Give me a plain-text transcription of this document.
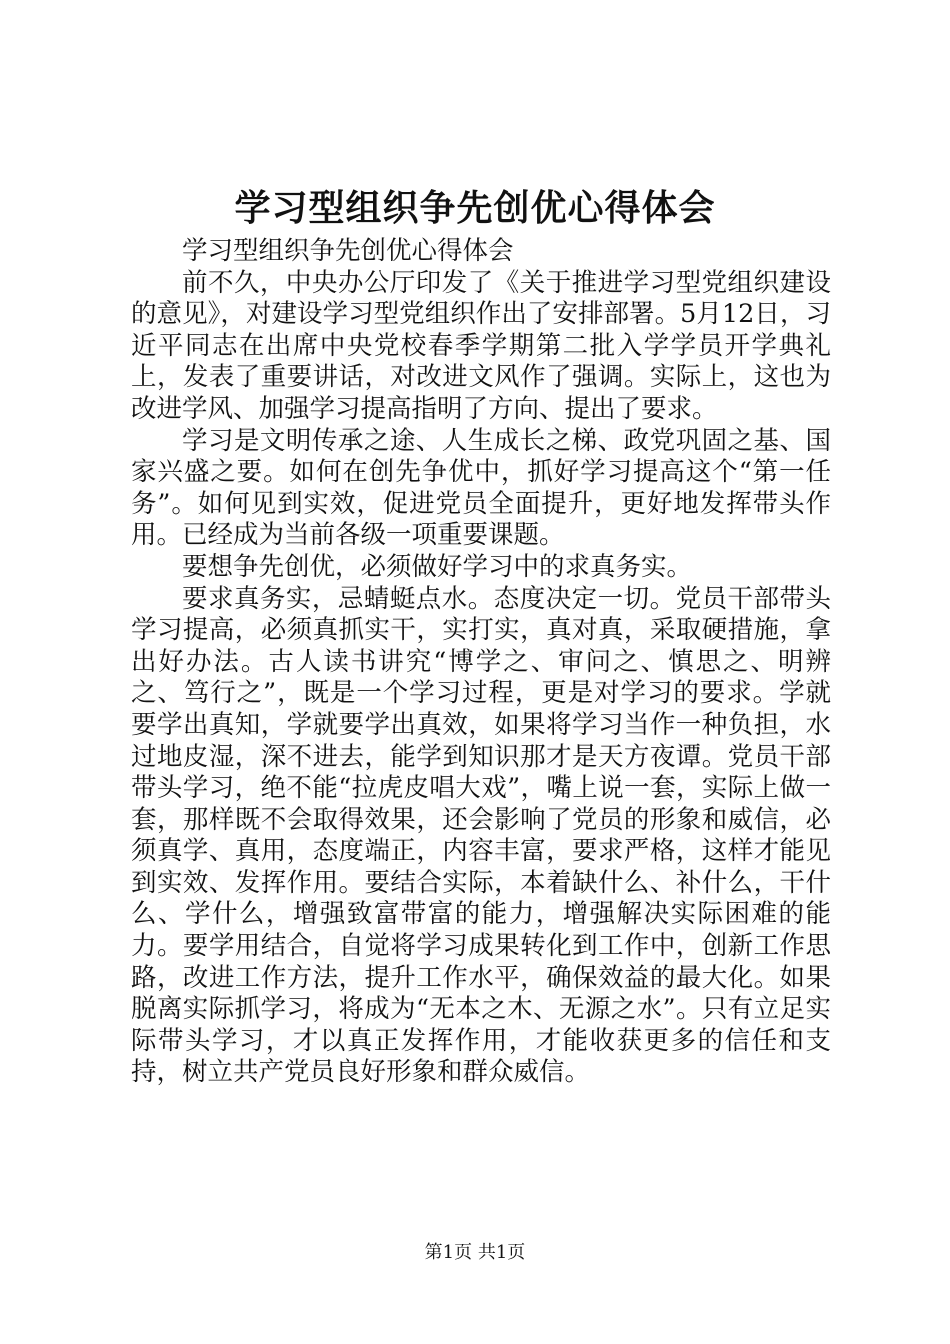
学习型组织争先创优心得体会

学习型组织争先创优心得体会

前不久，中央办公厅印发了《关于推进学习型党组织建设的意见》，对建设学习型党组织作出了安排部署。5月12日，习近平同志在出席中央党校春季学期第二批入学学员开学典礼上，发表了重要讲话，对改进文风作了强调。实际上，这也为改进学风、加强学习提高指明了方向、提出了要求。

学习是文明传承之途、人生成长之梯、政党巩固之基、国家兴盛之要。如何在创先争优中，抓好学习提高这个“第一任务”。如何见到实效，促进党员全面提升，更好地发挥带头作用。已经成为当前各级一项重要课题。

要想争先创优，必须做好学习中的求真务实。

要求真务实，忌蜻蜓点水。态度决定一切。党员干部带头学习提高，必须真抓实干，实打实，真对真，采取硬措施，拿出好办法。古人读书讲究“博学之、审问之、慎思之、明辨之、笃行之”，既是一个学习过程，更是对学习的要求。学就要学出真知，学就要学出真效，如果将学习当作一种负担，水过地皮湿，深不进去，能学到知识那才是天方夜谭。党员干部带头学习，绝不能“拉虎皮唱大戏”，嘴上说一套，实际上做一套，那样既不会取得效果，还会影响了党员的形象和威信，必须真学、真用，态度端正，内容丰富，要求严格，这样才能见到实效、发挥作用。要结合实际，本着缺什么、补什么，干什么、学什么，增强致富带富的能力，增强解决实际困难的能力。要学用结合，自觉将学习成果转化到工作中，创新工作思路，改进工作方法，提升工作水平，确保效益的最大化。如果脱离实际抓学习，将成为“无本之木、无源之水”。只有立足实际带头学习，才以真正发挥作用，才能收获更多的信任和支持，树立共产党员良好形象和群众威信。

第1页 共1页
